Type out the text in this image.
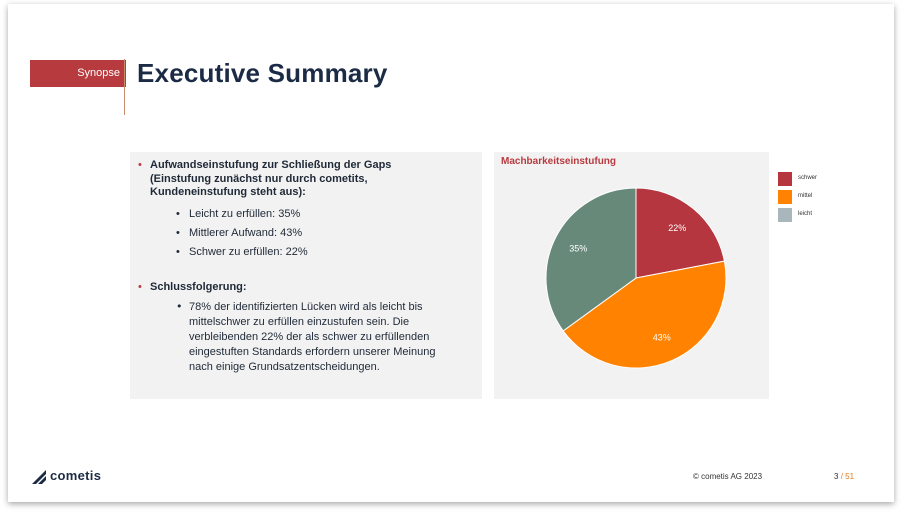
Synopse Executive Summary
• Aufwandseinstufung zur Schließung der Gaps (Einstufung zunächst nur durch cometits, Kundeneinstufung steht aus):
• Leicht zu erfüllen: 35%
• Mittlerer Aufwand: 43%
• Schwer zu erfüllen: 22%
• Schlussfolgerung:
• 78% der identifizierten Lücken wird als leicht bis mittelschwer zu erfüllen einzustufen sein. Die verbleibenden 22% der als schwer zu erfüllenden eingestuften Standards erfordern unserer Meinung nach einige Grundsatzentscheidungen.
Machbarkeitseinstufung
22%
43%
35%
schwer
mittel
leicht
cometis	© cometis AG 2023	3 / 51
